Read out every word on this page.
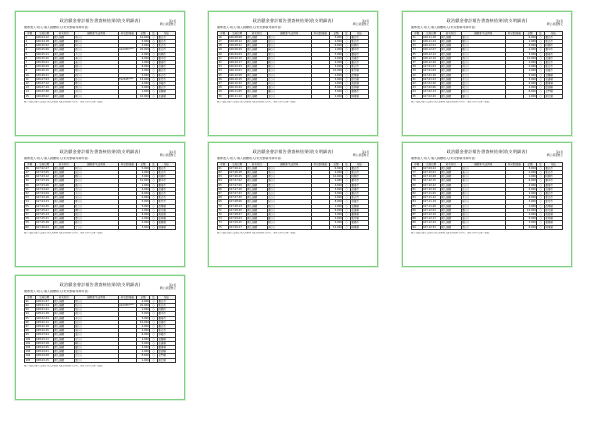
政治獻金會計報告書查核結果(收支明細表)	第1頁
單位:新臺幣元
擬參選人:收入:個人捐贈收入(未完整填列資料者)
序號	交易日期	收支科目	捐贈者/支出對象	身分證/統編	金額	註	地址
1	106.04.12	個人捐贈	吳○○		10,000	○	臺北市
2	106.04.18	個人捐贈	陳○○		5,000	○	臺北市
3	106.05.02	個人捐贈	林○○		3,000	○	新北市
4	106.05.06	個人捐贈	張○○	A12345****	20,000	○	新北市
5	106.05.11	個人捐贈	王○○		2,000	○	桃園市
6	106.05.20	個人捐贈	李○○		6,000	○	臺中市
7	106.06.01	個人捐贈	黃○○		1,000	○	臺南市
8	106.06.09	個人捐贈	劉○○		8,000	○	高雄市
9	106.06.15	個人捐贈	蔡○○		4,000	○	臺北市
10	106.06.21	個人捐贈	楊○○		3,000	○	新北市
11	106.07.03	個人捐贈	許○○	F22345****	15,000	○	新竹市
12	106.07.12	個人捐贈	鄭○○		2,000	○	基隆市
13	106.07.19	個人捐贈	謝○○		5,000	○	臺北市
14	106.07.26	個人捐贈	洪○○		1,000	○	宜蘭縣
15	106.08.02	個人捐贈	郭○○		10,000	○	花蓮縣
備註:依政治獻金法規定,個人捐贈收入應填列捐贈者姓名、地址及身分證統一編號。
政治獻金會計報告書查核結果(收支明細表)	第1頁
單位:新臺幣元
擬參選人:收入:個人捐贈收入(未完整填列資料者)
序號	交易日期	收支科目	捐贈者/支出對象	身分證/統編	金額	註	地址
16	106.08.08	個人捐贈	曾○○		3,000	○	臺北市
17	106.08.14	個人捐贈	邱○○		2,000	○	新北市
18	106.08.21	個人捐贈	廖○○		6,000	○	桃園市
19	106.08.29	個人捐贈	賴○○		1,000	○	臺中市
20	106.09.04	個人捐贈	周○○		5,000	○	臺南市
21	106.09.10	個人捐贈	徐○○		2,000	○	高雄市
22	106.09.17	個人捐贈	蘇○○		4,000	○	臺北市
23	106.09.23	個人捐贈	葉○○		3,000	○	新北市
24	106.10.01	個人捐贈	莊○○		10,000	○	新竹縣
25	106.10.08	個人捐贈	呂○○		2,000	○	苗栗縣
26	106.10.15	個人捐贈	江○○		5,000	○	彰化縣
27	106.10.22	個人捐贈	何○○		1,000	○	南投縣
28	106.10.29	個人捐贈	蕭○○		8,000	○	雲林縣
29	106.11.05	個人捐贈	羅○○		3,000	○	嘉義市
30	106.11.12	個人捐贈	高○○		2,000	○	屏東縣
備註:依政治獻金法規定,個人捐贈收入應填列捐贈者姓名、地址及身分證統一編號。
政治獻金會計報告書查核結果(收支明細表)	第1頁
單位:新臺幣元
擬參選人:收入:個人捐贈收入(未完整填列資料者)
序號	交易日期	收支科目	捐贈者/支出對象	身分證/統編	金額	註	地址
31	106.11.18	個人捐贈	潘○○		6,000	○	臺北市
32	106.11.24	個人捐贈	簡○○		1,000	○	新北市
33	106.12.01	個人捐贈	朱○○		5,000	○	桃園市
34	106.12.07	個人捐贈	鍾○○		2,000	○	臺中市
35	106.12.13	個人捐贈	彭○○		3,000	○	臺南市
36	106.12.19	個人捐贈	游○○		10,000	○	高雄市
37	106.12.26	個人捐贈	詹○○		4,000	○	臺北市
38	107.01.03	個人捐贈	胡○○		2,000	○	新北市
39	107.01.09	個人捐贈	施○○		1,000	○	基隆市
40	107.01.16	個人捐贈	沈○○		5,000	○	宜蘭縣
41	107.01.23	個人捐贈	余○○		3,000	○	花蓮縣
42	107.01.30	個人捐贈	盧○○		6,000	○	臺東縣
43	107.02.06	個人捐贈	梁○○		2,000	○	澎湖縣
44	107.02.13	個人捐贈	趙○○		8,000	○	金門縣
45	107.02.20	個人捐贈	顏○○		1,000	○	連江縣
備註:依政治獻金法規定,個人捐贈收入應填列捐贈者姓名、地址及身分證統一編號。
政治獻金會計報告書查核結果(收支明細表)	第1頁
單位:新臺幣元
擬參選人:收入:個人捐贈收入(未完整填列資料者)
序號	交易日期	收支科目	捐贈者/支出對象	身分證/統編	金額	註	地址
46	107.02.27	個人捐贈	柯○○		5,000	○	臺北市
47	107.03.05	個人捐贈	翁○○		2,000	○	新北市
48	107.03.12	個人捐贈	魏○○		3,000	○	桃園市
49	107.03.19	個人捐贈	孫○○		10,000	○	臺中市
50	107.03.26	個人捐贈	戴○○		1,000	○	臺南市
51	107.04.02	個人捐贈	范○○		4,000	○	高雄市
52	107.04.09	個人捐贈	方○○		6,000	○	臺北市
53	107.04.16	個人捐贈	宋○○		2,000	○	新北市
54	107.04.23	個人捐贈	鄧○○		5,000	○	新竹市
55	107.04.30	個人捐贈	杜○○		3,000	○	苗栗縣
56	107.05.07	個人捐贈	傅○○		1,000	○	彰化縣
57	107.05.14	個人捐贈	侯○○		8,000	○	南投縣
58	107.05.21	個人捐贈	曹○○		2,000	○	雲林縣
59	107.05.28	個人捐贈	薛○○		5,000	○	嘉義縣
60	107.06.04	個人捐贈	丁○○		3,000	○	屏東縣
備註:依政治獻金法規定,個人捐贈收入應填列捐贈者姓名、地址及身分證統一編號。
政治獻金會計報告書查核結果(收支明細表)	第1頁
單位:新臺幣元
擬參選人:收入:個人捐贈收入(未完整填列資料者)
序號	交易日期	收支科目	捐贈者/支出對象	身分證/統編	金額	註	地址
61	107.06.11	個人捐贈	卓○○		6,000	○	臺北市
62	107.06.18	個人捐贈	馬○○		2,000	○	新北市
63	107.06.25	個人捐贈	董○○		10,000	○	桃園市
64	107.07.02	個人捐贈	唐○○		1,000	○	臺中市
65	107.07.09	個人捐贈	藍○○		4,000	○	臺南市
66	107.07.16	個人捐贈	蔣○○		3,000	○	高雄市
67	107.07.23	個人捐贈	石○○		5,000	○	臺北市
68	107.07.30	個人捐贈	古○○		2,000	○	新北市
69	107.08.06	個人捐贈	紀○○		8,000	○	基隆市
70	107.08.13	個人捐贈	姚○○		1,000	○	宜蘭縣
71	107.08.20	個人捐贈	連○○		6,000	○	花蓮縣
72	107.08.27	個人捐贈	馮○○		3,000	○	臺東縣
73	107.09.03	個人捐贈	歐○○		2,000	○	新竹縣
74	107.09.10	個人捐贈	程○○		5,000	○	嘉義市
75	107.09.17	個人捐贈	湯○○		10,000	○	屏東縣
備註:依政治獻金法規定,個人捐贈收入應填列捐贈者姓名、地址及身分證統一編號。
政治獻金會計報告書查核結果(收支明細表)	第1頁
單位:新臺幣元
擬參選人:收入:個人捐贈收入(未完整填列資料者)
序號	交易日期	收支科目	捐贈者/支出對象	身分證/統編	金額	註	地址
76	107.09.24	個人捐贈	田○○		3,000	○	臺北市
77	107.10.01	個人捐贈	黃○○		2,000	○	新北市
78	107.10.08	個人捐贈	康○○		1,000	○	桃園市
79	107.10.15	個人捐贈	姜○○		6,000	○	臺中市
80	107.10.22	個人捐贈	白○○		4,000	○	臺南市
81	107.10.29	個人捐贈	汪○○		5,000	○	高雄市
82	107.11.05	個人捐贈	鄒○○		2,000	○	臺北市
83	107.11.12	個人捐贈	尤○○		8,000	○	新北市
84	107.11.19	個人捐贈	巫○○		3,000	○	新竹市
85	107.11.26	個人捐贈	涂○○		1,000	○	苗栗縣
86	107.12.03	個人捐贈	龔○○		10,000	○	彰化縣
87	107.12.10	個人捐贈	嚴○○		2,000	○	南投縣
88	107.12.17	個人捐贈	溫○○		5,000	○	雲林縣
89	107.12.24	個人捐贈	錢○○		3,000	○	嘉義縣
90	107.12.31	個人捐贈	袁○○		6,000	○	屏東縣
備註:依政治獻金法規定,個人捐贈收入應填列捐贈者姓名、地址及身分證統一編號。
政治獻金會計報告書查核結果(收支明細表)	第1頁
單位:新臺幣元
擬參選人:收入:個人捐贈收入(未完整填列資料者)
序號	交易日期	收支科目	捐贈者/支出對象	身分證/統編	金額	註	地址
91	108.01.07	個人捐贈	賀○○		2,000	○	臺北市
92	108.01.14	個人捐贈	阮○○	A22345****	20,000	○	新北市
93	108.01.21	個人捐贈	童○○		1,000	○	桃園市
94	108.01.28	個人捐贈	倪○○		5,000	○	臺中市
95	108.02.04	個人捐贈	辛○○		3,000	○	臺南市
96	108.02.11	個人捐贈	包○○		10,000	○	高雄市
97	108.02.18	個人捐贈	施○○		2,000	○	臺北市
98	108.02.25	個人捐贈	易○○		4,000	○	新北市
99	108.03.04	個人捐贈	溫○○		6,000	○	基隆市
100	108.03.11	個人捐贈	甘○○		1,000	○	宜蘭縣
101	108.03.18	個人捐贈	韓○○		5,000	○	花蓮縣
102	108.03.25	個人捐贈	鐘○○		3,000	○	臺東縣
103	108.04.01	個人捐贈	邵○○		2,000	○	澎湖縣
104	108.04.08	個人捐贈	凃○○		8,000	○	金門縣
105	108.04.15	個人捐贈	雷○○		1,000	○	連江縣
備註:依政治獻金法規定,個人捐贈收入應填列捐贈者姓名、地址及身分證統一編號。
